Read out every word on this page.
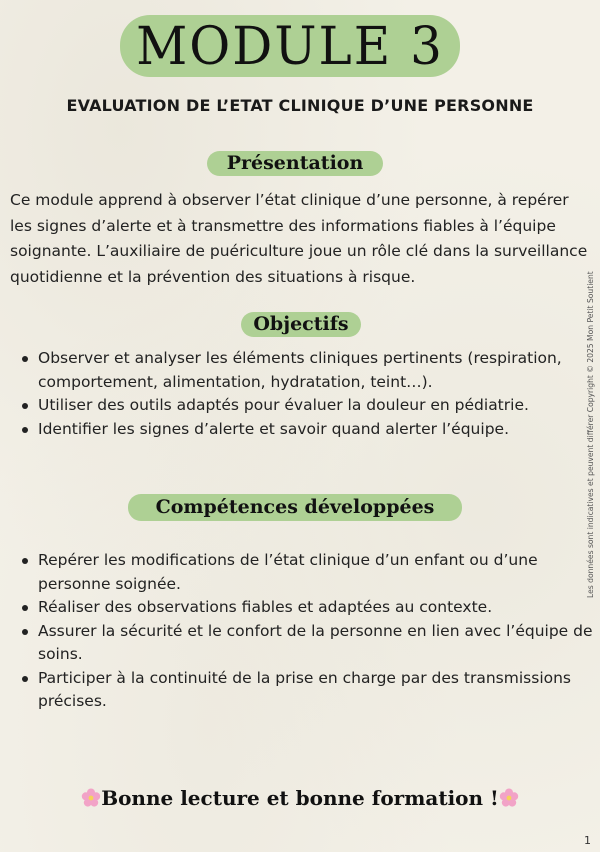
MODULE 3
EVALUATION DE L’ETAT CLINIQUE D’UNE PERSONNE
Présentation
Ce module apprend à observer l’état clinique d’une personne, à repérer les signes d’alerte et à transmettre des informations fiables à l’équipe soignante. L’auxiliaire de puériculture joue un rôle clé dans la surveillance quotidienne et la prévention des situations à risque.
Objectifs
Observer et analyser les éléments cliniques pertinents (respiration, comportement, alimentation, hydratation, teint…).
Utiliser des outils adaptés pour évaluer la douleur en pédiatrie.
Identifier les signes d’alerte et savoir quand alerter l’équipe.
Compétences développées
Repérer les modifications de l’état clinique d’un enfant ou d’une personne soignée.
Réaliser des observations fiables et adaptées au contexte.
Assurer la sécurité et le confort de la personne en lien avec l’équipe de soins.
Participer à la continuité de la prise en charge par des transmissions précises.
Bonne lecture et bonne formation !
Les données sont indicatives et peuvent différer Copyright © 2025 Mon Petit Soutient
1
